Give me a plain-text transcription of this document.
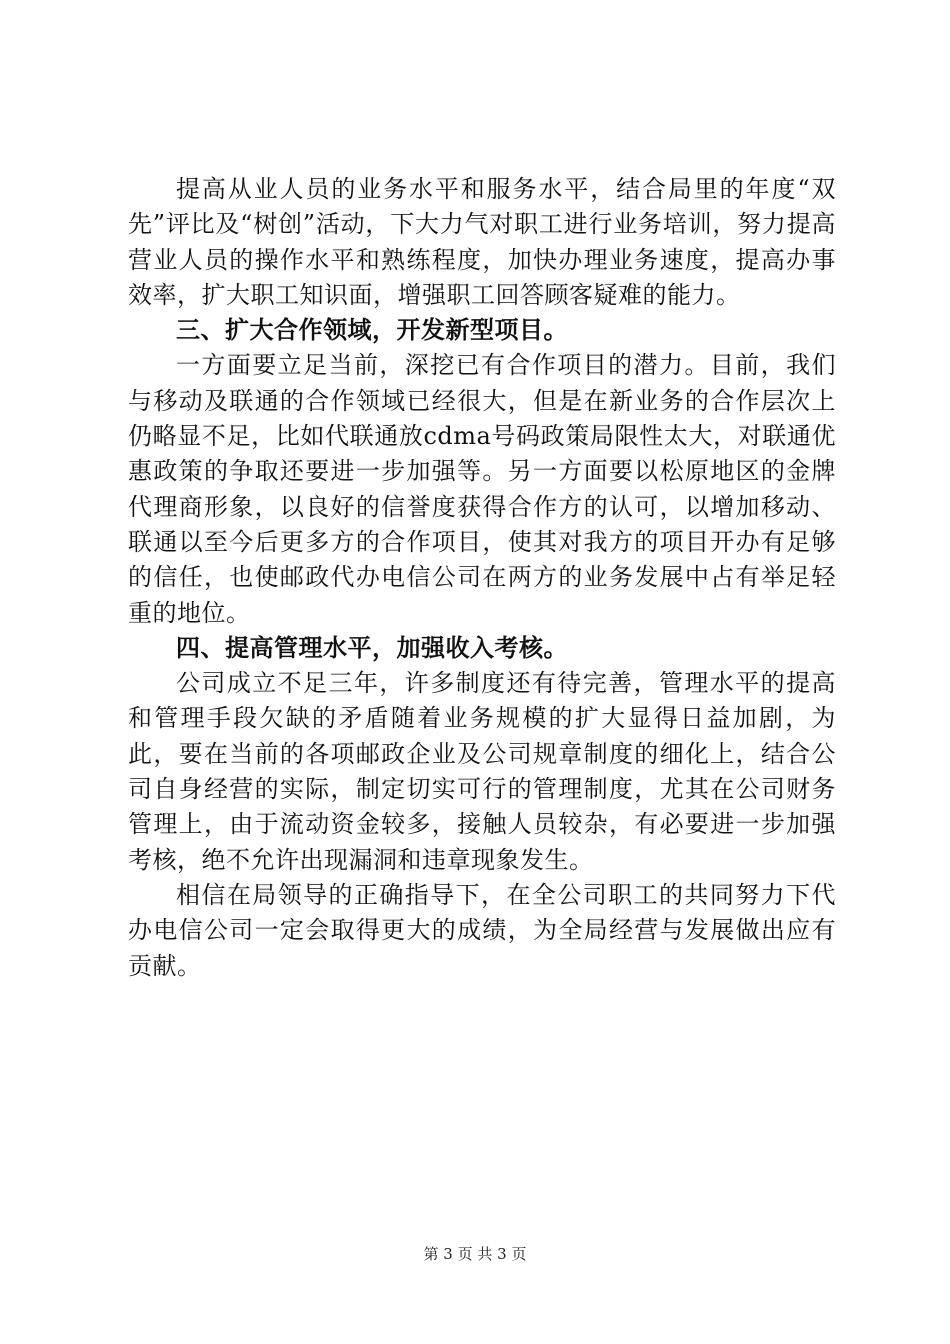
提高从业人员的业务水平和服务水平，结合局里的年度“双先”评比及“树创”活动，下大力气对职工进行业务培训，努力提高营业人员的操作水平和熟练程度，加快办理业务速度，提高办事效率，扩大职工知识面，增强职工回答顾客疑难的能力。

三、扩大合作领域，开发新型项目。

一方面要立足当前，深挖已有合作项目的潜力。目前，我们与移动及联通的合作领域已经很大，但是在新业务的合作层次上仍略显不足，比如代联通放cdma号码政策局限性太大，对联通优惠政策的争取还要进一步加强等。另一方面要以松原地区的金牌代理商形象，以良好的信誉度获得合作方的认可，以增加移动、联通以至今后更多方的合作项目，使其对我方的项目开办有足够的信任，也使邮政代办电信公司在两方的业务发展中占有举足轻重的地位。

四、提高管理水平，加强收入考核。

公司成立不足三年，许多制度还有待完善，管理水平的提高和管理手段欠缺的矛盾随着业务规模的扩大显得日益加剧，为此，要在当前的各项邮政企业及公司规章制度的细化上，结合公司自身经营的实际，制定切实可行的管理制度，尤其在公司财务管理上，由于流动资金较多，接触人员较杂，有必要进一步加强考核，绝不允许出现漏洞和违章现象发生。

相信在局领导的正确指导下，在全公司职工的共同努力下代办电信公司一定会取得更大的成绩，为全局经营与发展做出应有贡献。

第 3 页 共 3 页
